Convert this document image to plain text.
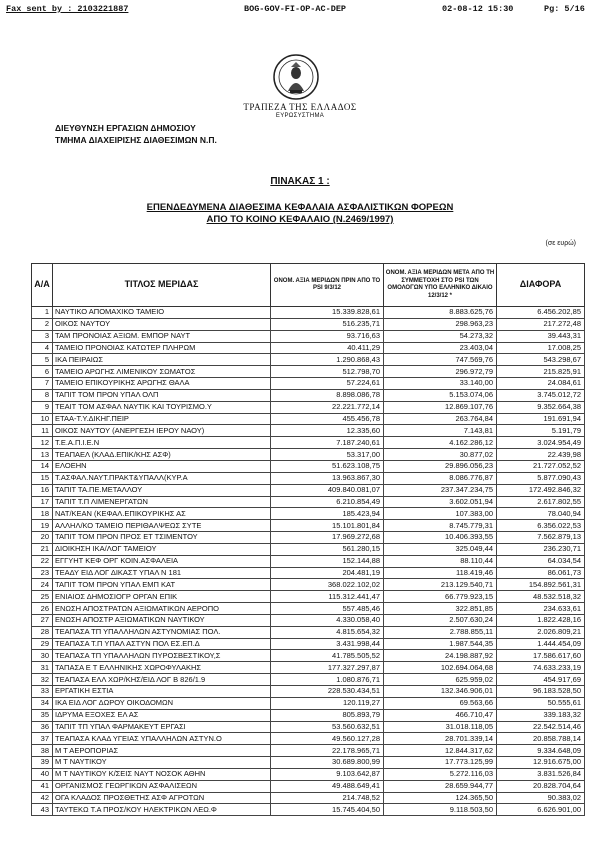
Fax sent by : 2103221887	BOG-GOV-FI-OP-AC-DEP	02-08-12 15:30	Pg: 5/16
ΤΡΑΠΕΖΑ ΤΗΣ ΕΛΛΑΔΟΣ
ΕΥΡΩΣΥΣΤΗΜΑ
ΔΙΕΥΘΥΝΣΗ ΕΡΓΑΣΙΩΝ ΔΗΜΟΣΙΟΥ
ΤΜΗΜΑ ΔΙΑΧΕΙΡΙΣΗΣ ΔΙΑΘΕΣΙΜΩΝ Ν.Π.
ΠΙΝΑΚΑΣ 1 :
ΕΠΕΝΔΕΔΥΜΕΝΑ ΔΙΑΘΕΣΙΜΑ ΚΕΦΑΛΑΙΑ ΑΣΦΑΛΙΣΤΙΚΩΝ ΦΟΡΕΩΝ
ΑΠΟ ΤΟ ΚΟΙΝΟ ΚΕΦΑΛΑΙΟ (Ν.2469/1997)
(σε ευρώ)
Α/Α	ΤΙΤΛΟΣ ΜΕΡΙΔΑΣ	ΟΝΟΜ. ΑΞΙΑ ΜΕΡΙΔΩΝ ΠΡΙΝ ΑΠΟ ΤΟ PSI 9/3/12	ΟΝΟΜ. ΑΞΙΑ ΜΕΡΙΔΩΝ ΜΕΤΑ ΑΠΟ ΤΗ ΣΥΜΜΕΤΟΧΗ ΣΤΟ PSI ΤΩΝ ΟΜΟΛΟΓΩΝ ΥΠΟ ΕΛΛΗΝΙΚΟ ΔΙΚΑΙΟ 12/3/12 *	ΔΙΑΦΟΡΑ
1	ΝΑΥΤΙΚΟ ΑΠΟΜΑΧΙΚΟ ΤΑΜΕΙΟ	15.339.828,61	8.883.625,76	6.456.202,85
2	ΟΙΚΟΣ ΝΑΥΤΟΥ	516.235,71	298.963,23	217.272,48
3	ΤΑΜ ΠΡΟΝΟΙΑΣ ΑΞΙΩΜ. ΕΜΠΟΡ ΝΑΥΤ	93.716,63	54.273,32	39.443,31
4	ΤΑΜΕΙΟ ΠΡΟΝΟΙΑΣ ΚΑΤΩΤΕΡ ΠΛΗΡΩΜ	40.411,29	23.403,04	17.008,25
5	ΙΚΑ ΠΕΙΡΑΙΩΣ	1.290.868,43	747.569,76	543.298,67
6	ΤΑΜΕΙΟ ΑΡΩΓΗΣ ΛΙΜΕΝΙΚΟΥ ΣΩΜΑΤΟΣ	512.798,70	296.972,79	215.825,91
7	ΤΑΜΕΙΟ ΕΠΙΚΟΥΡΙΚΗΣ ΑΡΩΓΗΣ ΘΑΛΑ	57.224,61	33.140,00	24.084,61
8	ΤΑΠΙΤ ΤΟΜ ΠΡΟΝ ΥΠΑΛ ΟΛΠ	8.898.086,78	5.153.074,06	3.745.012,72
9	ΤΕΑΙΤ ΤΟΜ ΑΣΦΑΛ ΝΑΥΤΙΚ ΚΑΙ ΤΟΥΡΙΣΜΟ.Υ	22.221.772,14	12.869.107,76	9.352.664,38
10	ΕΤΑΑ-Τ.Υ.ΔΙΚΗΓ.ΠΕΙΡ	455.456,78	263.764,84	191.691,94
11	ΟΙΚΟΣ ΝΑΥΤΟΥ (ΑΝΕΡΓΕΣΗ ΙΕΡΟΥ ΝΑΟΥ)	12.335,60	7.143,81	5.191,79
12	Τ.Ε.Α.Π.Ι.Ε.Ν	7.187.240,61	4.162.286,12	3.024.954,49
13	ΤΕΑΠΑΕΛ (ΚΛΑΔ.ΕΠΙΚ/ΚΗΣ ΑΣΦ)	53.317,00	30.877,02	22.439,98
14	ΕΛΟΕΗΝ	51.623.108,75	29.896.056,23	21.727.052,52
15	Τ.ΑΣΦΑΛ.ΝΑΥΤ.ΠΡΑΚΤ&ΥΠΑΛΛ(ΚΥΡ.Α	13.963.867,30	8.086.776,87	5.877.090,43
16	ΤΑΠΙΤ ΤΑ.ΠΕ.ΜΕΤΑΛΛΟΥ	409.840.081,07	237.347.234,75	172.492.846,32
17	ΤΑΠΙΤ Τ.Π ΛΙΜΕΝΕΡΓΑΤΩΝ	6.210.854,49	3.602.051,94	2.617.802,55
18	ΝΑΤ/ΚΕΑΝ (ΚΕΦΑΛ.ΕΠΙΚΟΥΡΙΚΗΣ ΑΣ	185.423,94	107.383,00	78.040,94
19	ΑΛΛΗΛ/ΚΟ ΤΑΜΕΙΟ ΠΕΡΙΘΑΛΨΕΩΣ ΣΥΤΕ	15.101.801,84	8.745.779,31	6.356.022,53
20	ΤΑΠΙΤ ΤΟΜ ΠΡΟΝ ΠΡΟΣ ΕΤ ΤΣΙΜΕΝΤΟΥ	17.969.272,68	10.406.393,55	7.562.879,13
21	ΔΙΟΙΚΗΣΗ ΙΚΑ/ΛΟΓ ΤΑΜΕΙΟΥ	561.280,15	325.049,44	236.230,71
22	ΕΓΓΥΗΤ ΚΕΦ ΟΡΓ ΚΟΙΝ.ΑΣΦΑΛΕΙΑ	152.144,88	88.110,44	64.034,54
23	ΤΕΑΔΥ ΕΙΔ ΛΟΓ ΔΙΚΑΣΤ ΥΠΑΛ Ν 181	204.481,19	118.419,46	86.061,73
24	ΤΑΠΙΤ ΤΟΜ ΠΡΟΝ ΥΠΑΛ ΕΜΠ ΚΑΤ	368.022.102,02	213.129.540,71	154.892.561,31
25	ΕΝΙΑΙΟΣ ΔΗΜΟΣΙΟΓΡ ΟΡΓΑΝ ΕΠΙΚ	115.312.441,47	66.779.923,15	48.532.518,32
26	ΕΝΩΣΗ ΑΠΟΣΤΡΑΤΩΝ ΑΞΙΩΜΑΤΙΚΩΝ ΑΕΡΟΠΟ	557.485,46	322.851,85	234.633,61
27	ΕΝΩΣΗ ΑΠΟΣΤΡ ΑΞΙΩΜΑΤΙΚΩΝ ΝΑΥΤΙΚΟΥ	4.330.058,40	2.507.630,24	1.822.428,16
28	ΤΕΑΠΑΣΑ ΤΠ ΥΠΑΛΛΗΛΩΝ ΑΣΤΥΝΟΜΙΑΣ ΠΟΛ.	4.815.654,32	2.788.855,11	2.026.809,21
29	ΤΕΑΠΑΣΑ Τ.Π ΥΠΑΛ ΑΣΤΥΝ ΠΟΛ ΕΣ.ΕΠ.Δ	3.431.998,44	1.987.544,35	1.444.454,09
30	ΤΕΑΠΑΣΑ ΤΠ ΥΠΑΛΛΗΛΩΝ ΠΥΡΟΣΒΕΣΤΙΚΟΥ,Σ	41.785.505,52	24.198.887,92	17.586.617,60
31	ΤΑΠΑΣΑ Ε Τ ΕΛΛΗΝΙΚΗΣ ΧΩΡΟΦΥΛΑΚΗΣ	177.327.297,87	102.694.064,68	74.633.233,19
32	ΤΕΑΠΑΣΑ ΕΛΛ ΧΩΡ/ΚΗΣ/ΕΙΔ ΛΟΓ Β 826/1.9	1.080.876,71	625.959,02	454.917,69
33	ΕΡΓΑΤΙΚΗ ΕΣΤΙΑ	228.530.434,51	132.346.906,01	96.183.528,50
34	ΙΚΑ ΕΙΔ ΛΟΓ ΔΩΡΟΥ ΟΙΚΟΔΟΜΩΝ	120.119,27	69.563,66	50.555,61
35	ΙΔΡΥΜΑ ΕΞΟΧΕΣ ΕΛ ΑΣ	805.893,79	466.710,47	339.183,32
36	ΤΑΠΙΤ ΤΠ ΥΠΑΛ ΦΑΡΜΑΚΕΥΤ ΕΡΓΑΣΙ	53.560.632,51	31.018.118,05	22.542.514,46
37	ΤΕΑΠΑΣΑ ΚΛΑΔ ΥΓΕΙΑΣ ΥΠΑΛΛΗΛΩΝ ΑΣΤΥΝ.Ο	49.560.127,28	28.701.339,14	20.858.788,14
38	Μ Τ ΑΕΡΟΠΟΡΙΑΣ	22.178.965,71	12.844.317,62	9.334.648,09
39	Μ Τ ΝΑΥΤΙΚΟΥ	30.689.800,99	17.773.125,99	12.916.675,00
40	Μ Τ ΝΑΥΤΙΚΟΥ Κ/ΣΕΙΣ ΝΑΥΤ ΝΟΣΟΚ ΑΘΗΝ	9.103.642,87	5.272.116,03	3.831.526,84
41	ΟΡΓΑΝΙΣΜΟΣ ΓΕΩΡΓΙΚΩΝ ΑΣΦΑΛΙΣΕΩΝ	49.488.649,41	28.659.944,77	20.828.704,64
42	ΟΓΑ ΚΛΑΔΟΣ ΠΡΟΣΘΕΤΗΣ ΑΣΦ ΑΓΡΟΤΩΝ	214.748,52	124.365,50	90.383,02
43	ΤΑΥΤΕΚΩ Τ.Α ΠΡΟΣ/ΚΟΥ ΗΛΕΚΤΡΙΚΩΝ ΛΕΩ.Φ	15.745.404,50	9.118.503,50	6.626.901,00
